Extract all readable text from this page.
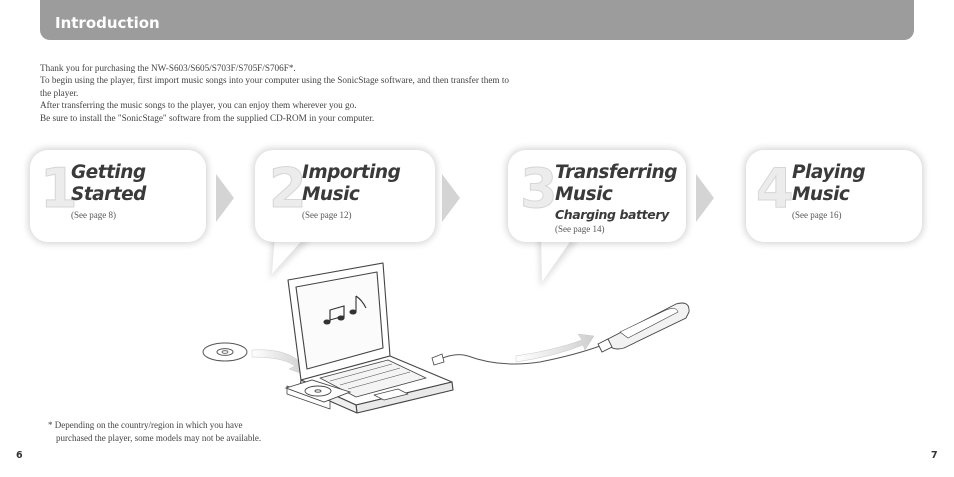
Introduction

Thank you for purchasing the NW-S603/S605/S703F/S705F/S706F*.

To begin using the player, first import music songs into your computer using the SonicStage software, and then transfer them to the player.

After transferring the music songs to the player, you can enjoy them wherever you go.

Be sure to install the "SonicStage" software from the supplied CD-ROM in your computer.

1
Getting
Started
(See page 8)	2
Importing
Music
(See page 12)	3
Transferring
Music
Charging battery
(See page 14)
4
Playing
Music
(See page 16)
* Depending on the country/region in which you have
purchased the player, some models may not be available.
6	7
